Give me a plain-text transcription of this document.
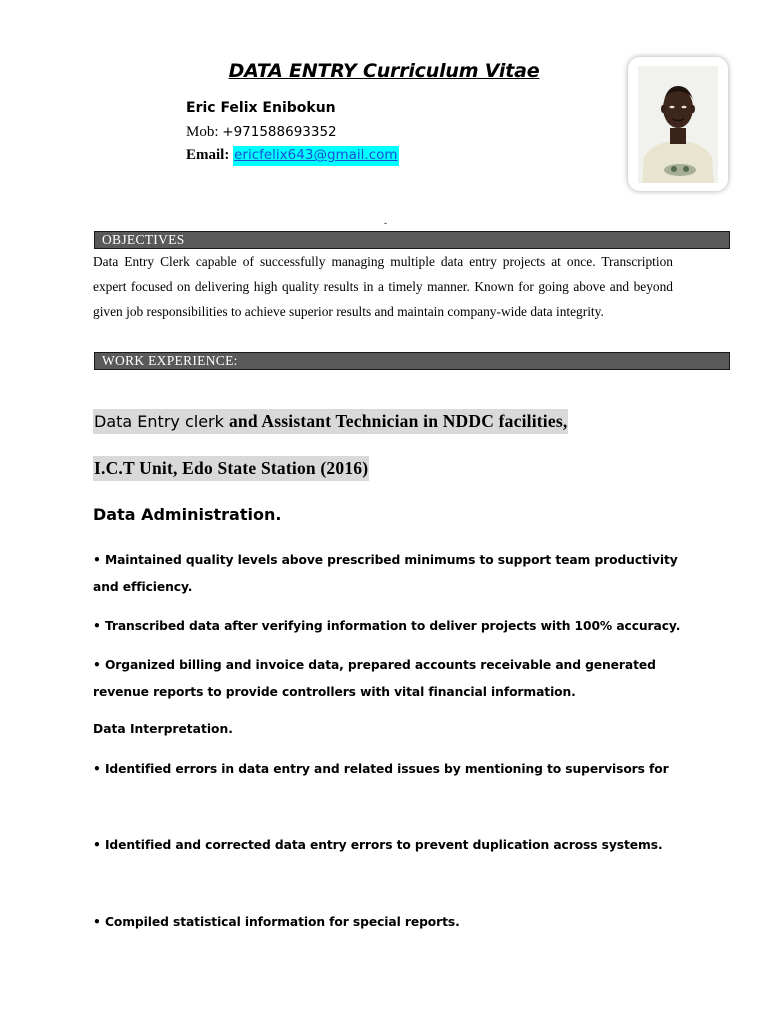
DATA ENTRY Curriculum Vitae
Eric Felix Enibokun
Mob: +971588693352
Email: ericfelix643@gmail.com
-
OBJECTIVES
Data Entry Clerk capable of successfully managing multiple data entry projects at once. Transcription expert focused on delivering high quality results in a timely manner. Known for going above and beyond given job responsibilities to achieve superior results and maintain company-wide data integrity.
WORK EXPERIENCE:
Data Entry clerk and Assistant Technician in NDDC facilities,
I.C.T Unit, Edo State Station (2016)
Data Administration.
• Maintained quality levels above prescribed minimums to support team productivity and efficiency.
• Transcribed data after verifying information to deliver projects with 100% accuracy.
• Organized billing and invoice data, prepared accounts receivable and generated revenue reports to provide controllers with vital financial information.
Data Interpretation.
• Identified errors in data entry and related issues by mentioning to supervisors for
• Identified and corrected data entry errors to prevent duplication across systems.
• Compiled statistical information for special reports.
